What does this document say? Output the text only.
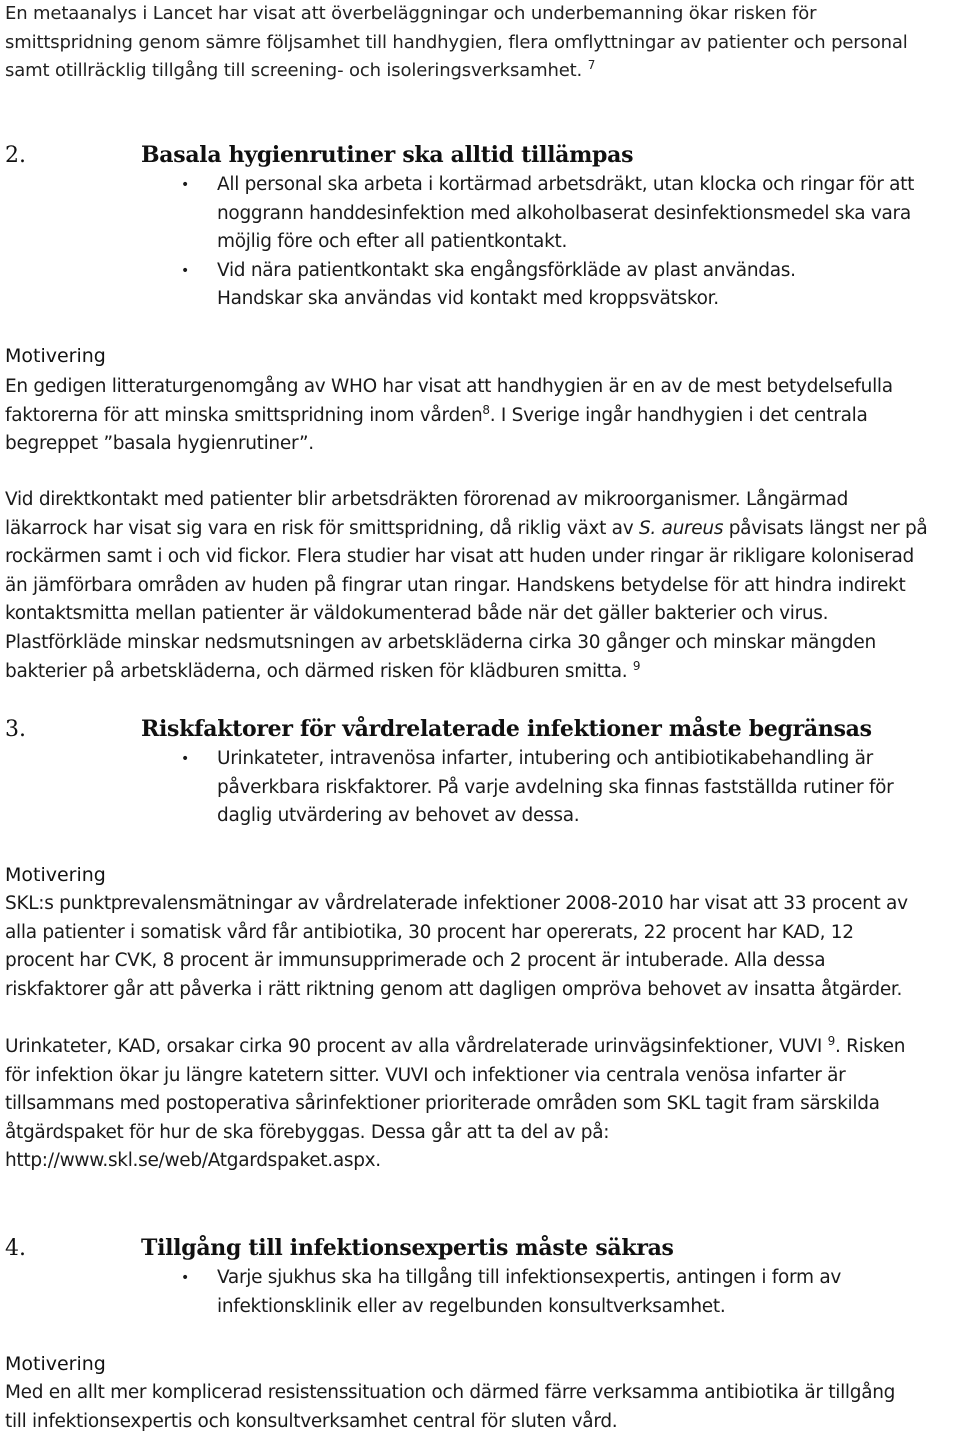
En metaanalys i Lancet har visat att överbeläggningar och underbemanning ökar risken för
smittspridning genom sämre följsamhet till handhygien, flera omflyttningar av patienter och personal
samt otillräcklig tillgång till screening- och isoleringsverksamhet. $^7$
2.	Basala hygienrutiner ska alltid tillämpas
• All personal ska arbeta i kortärmad arbetsdräkt, utan klocka och ringar för att
noggrann handdesinfektion med alkoholbaserat desinfektionsmedel ska vara
möjlig före och efter all patientkontakt.
• Vid nära patientkontakt ska engångsförkläde av plast användas.
Handskar ska användas vid kontakt med kroppsvätskor.
Motivering
En gedigen litteraturgenomgång av WHO har visat att handhygien är en av de mest betydelsefulla
faktorerna för att minska smittspridning inom vården$^8$. I Sverige ingår handhygien i det centrala
begreppet ”basala hygienrutiner”.
Vid direktkontakt med patienter blir arbetsdräkten förorenad av mikroorganismer. Långärmad
läkarrock har visat sig vara en risk för smittspridning, då riklig växt av S. aureus påvisats längst ner på
rockärmen samt i och vid fickor. Flera studier har visat att huden under ringar är rikligare koloniserad
än jämförbara områden av huden på fingrar utan ringar. Handskens betydelse för att hindra indirekt
kontaktsmitta mellan patienter är väldokumenterad både när det gäller bakterier och virus.
Plastförkläde minskar nedsmutsningen av arbetskläderna cirka 30 gånger och minskar mängden
bakterier på arbetskläderna, och därmed risken för klädburen smitta. $^9$
3.	Riskfaktorer för vårdrelaterade infektioner måste begränsas
• Urinkateter, intravenösa infarter, intubering och antibiotikabehandling är
påverkbara riskfaktorer. På varje avdelning ska finnas fastställda rutiner för
daglig utvärdering av behovet av dessa.
Motivering
SKL:s punktprevalensmätningar av vårdrelaterade infektioner 2008-2010 har visat att 33 procent av
alla patienter i somatisk vård får antibiotika, 30 procent har opererats, 22 procent har KAD, 12
procent har CVK, 8 procent är immunsupprimerade och 2 procent är intuberade. Alla dessa
riskfaktorer går att påverka i rätt riktning genom att dagligen ompröva behovet av insatta åtgärder.
Urinkateter, KAD, orsakar cirka 90 procent av alla vårdrelaterade urinvägsinfektioner, VUVI $^9$. Risken
för infektion ökar ju längre katetern sitter. VUVI och infektioner via centrala venösa infarter är
tillsammans med postoperativa sårinfektioner prioriterade områden som SKL tagit fram särskilda
åtgärdspaket för hur de ska förebyggas. Dessa går att ta del av på:
http://www.skl.se/web/Atgardspaket.aspx.
4.	Tillgång till infektionsexpertis måste säkras
• Varje sjukhus ska ha tillgång till infektionsexpertis, antingen i form av
infektionsklinik eller av regelbunden konsultverksamhet.
Motivering
Med en allt mer komplicerad resistenssituation och därmed färre verksamma antibiotika är tillgång
till infektionsexpertis och konsultverksamhet central för sluten vård.
